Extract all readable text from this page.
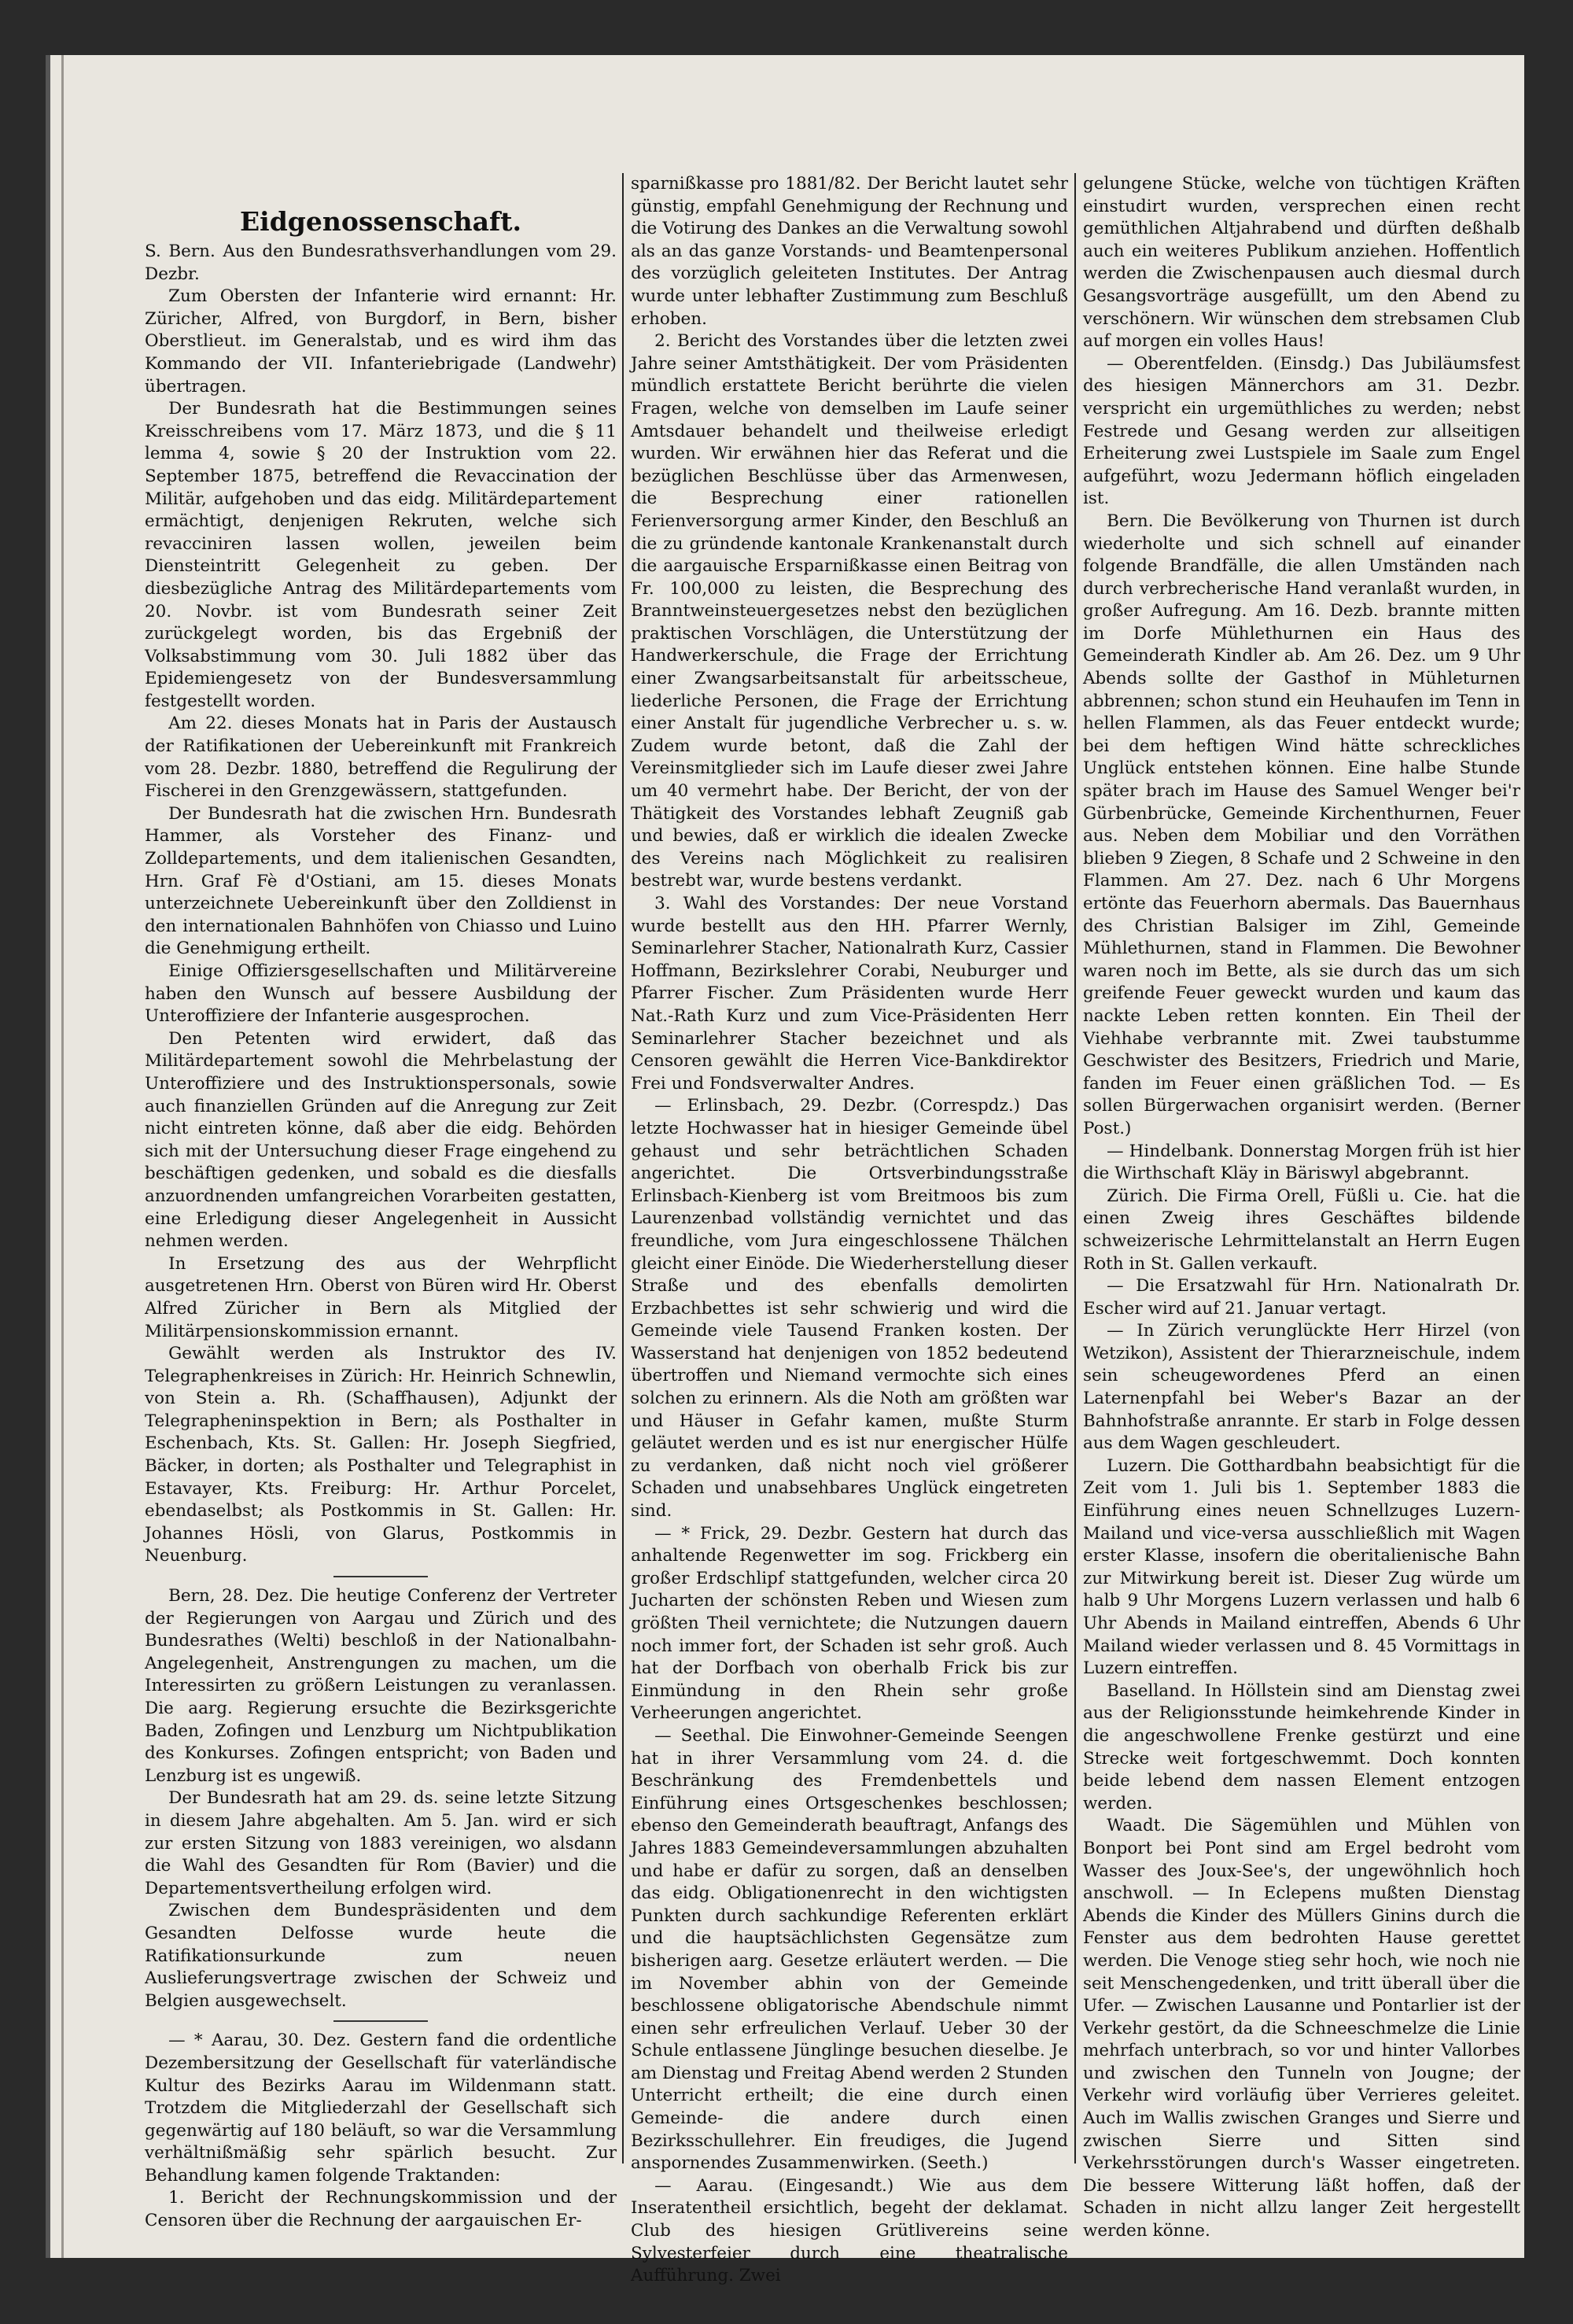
Eidgenossenschaft.

S. Bern. Aus den Bundesrathsverhandlungen vom 29. Dezbr.

Zum Obersten der Infanterie wird ernannt: Hr. Züricher, Alfred, von Burgdorf, in Bern, bisher Oberstlieut. im Generalstab, und es wird ihm das Kommando der VII. Infanteriebrigade (Landwehr) übertragen.

Der Bundesrath hat die Bestimmungen seines Kreisschreibens vom 17. März 1873, und die § 11 lemma 4, sowie § 20 der Instruktion vom 22. September 1875, betreffend die Revaccination der Militär, aufgehoben und das eidg. Militärdepartement ermächtigt, denjenigen Rekruten, welche sich revacciniren lassen wollen, jeweilen beim Diensteintritt Gelegenheit zu geben. Der diesbezügliche Antrag des Militärdepartements vom 20. Novbr. ist vom Bundesrath seiner Zeit zurückgelegt worden, bis das Ergebniß der Volksabstimmung vom 30. Juli 1882 über das Epidemiengesetz von der Bundesversammlung festgestellt worden.

Am 22. dieses Monats hat in Paris der Austausch der Ratifikationen der Uebereinkunft mit Frankreich vom 28. Dezbr. 1880, betreffend die Regulirung der Fischerei in den Grenzgewässern, stattgefunden.

Der Bundesrath hat die zwischen Hrn. Bundesrath Hammer, als Vorsteher des Finanz- und Zolldepartements, und dem italienischen Gesandten, Hrn. Graf Fè d'Ostiani, am 15. dieses Monats unterzeichnete Uebereinkunft über den Zolldienst in den internationalen Bahnhöfen von Chiasso und Luino die Genehmigung ertheilt.

Einige Offiziersgesellschaften und Militärvereine haben den Wunsch auf bessere Ausbildung der Unteroffiziere der Infanterie ausgesprochen.

Den Petenten wird erwidert, daß das Militärdepartement sowohl die Mehrbelastung der Unteroffiziere und des Instruktionspersonals, sowie auch finanziellen Gründen auf die Anregung zur Zeit nicht eintreten könne, daß aber die eidg. Behörden sich mit der Untersuchung dieser Frage eingehend zu beschäftigen gedenken, und sobald es die diesfalls anzuordnenden umfangreichen Vorarbeiten gestatten, eine Erledigung dieser Angelegenheit in Aussicht nehmen werden.

In Ersetzung des aus der Wehrpflicht ausgetretenen Hrn. Oberst von Büren wird Hr. Oberst Alfred Züricher in Bern als Mitglied der Militärpensionskommission ernannt.

Gewählt werden als Instruktor des IV. Telegraphenkreises in Zürich: Hr. Heinrich Schnewlin, von Stein a. Rh. (Schaffhausen), Adjunkt der Telegrapheninspektion in Bern; als Posthalter in Eschenbach, Kts. St. Gallen: Hr. Joseph Siegfried, Bäcker, in dorten; als Posthalter und Telegraphist in Estavayer, Kts. Freiburg: Hr. Arthur Porcelet, ebendaselbst; als Postkommis in St. Gallen: Hr. Johannes Hösli, von Glarus, Postkommis in Neuenburg.

Bern, 28. Dez. Die heutige Conferenz der Vertreter der Regierungen von Aargau und Zürich und des Bundesrathes (Welti) beschloß in der Nationalbahn-Angelegenheit, Anstrengungen zu machen, um die Interessirten zu größern Leistungen zu veranlassen. Die aarg. Regierung ersuchte die Bezirksgerichte Baden, Zofingen und Lenzburg um Nichtpublikation des Konkurses. Zofingen entspricht; von Baden und Lenzburg ist es ungewiß.

Der Bundesrath hat am 29. ds. seine letzte Sitzung in diesem Jahre abgehalten. Am 5. Jan. wird er sich zur ersten Sitzung von 1883 vereinigen, wo alsdann die Wahl des Gesandten für Rom (Bavier) und die Departementsvertheilung erfolgen wird.

Zwischen dem Bundespräsidenten und dem Gesandten Delfosse wurde heute die Ratifikationsurkunde zum neuen Auslieferungsvertrage zwischen der Schweiz und Belgien ausgewechselt.

— * Aarau, 30. Dez. Gestern fand die ordentliche Dezembersitzung der Gesellschaft für vaterländische Kultur des Bezirks Aarau im Wildenmann statt. Trotzdem die Mitgliederzahl der Gesellschaft sich gegenwärtig auf 180 beläuft, so war die Versammlung verhältnißmäßig sehr spärlich besucht. Zur Behandlung kamen folgende Traktanden:

1. Bericht der Rechnungskommission und der Censoren über die Rechnung der aargauischen Er-

sparnißkasse pro 1881/82. Der Bericht lautet sehr günstig, empfahl Genehmigung der Rechnung und die Votirung des Dankes an die Verwaltung sowohl als an das ganze Vorstands- und Beamtenpersonal des vorzüglich geleiteten Institutes. Der Antrag wurde unter lebhafter Zustimmung zum Beschluß erhoben.

2. Bericht des Vorstandes über die letzten zwei Jahre seiner Amtsthätigkeit. Der vom Präsidenten mündlich erstattete Bericht berührte die vielen Fragen, welche von demselben im Laufe seiner Amtsdauer behandelt und theilweise erledigt wurden. Wir erwähnen hier das Referat und die bezüglichen Beschlüsse über das Armenwesen, die Besprechung einer rationellen Ferienversorgung armer Kinder, den Beschluß an die zu gründende kantonale Krankenanstalt durch die aargauische Ersparnißkasse einen Beitrag von Fr. 100,000 zu leisten, die Besprechung des Branntweinsteuergesetzes nebst den bezüglichen praktischen Vorschlägen, die Unterstützung der Handwerkerschule, die Frage der Errichtung einer Zwangsarbeitsanstalt für arbeitsscheue, liederliche Personen, die Frage der Errichtung einer Anstalt für jugendliche Verbrecher u. s. w. Zudem wurde betont, daß die Zahl der Vereinsmitglieder sich im Laufe dieser zwei Jahre um 40 vermehrt habe. Der Bericht, der von der Thätigkeit des Vorstandes lebhaft Zeugniß gab und bewies, daß er wirklich die idealen Zwecke des Vereins nach Möglichkeit zu realisiren bestrebt war, wurde bestens verdankt.

3. Wahl des Vorstandes: Der neue Vorstand wurde bestellt aus den HH. Pfarrer Wernly, Seminarlehrer Stacher, Nationalrath Kurz, Cassier Hoffmann, Bezirkslehrer Corabi, Neuburger und Pfarrer Fischer. Zum Präsidenten wurde Herr Nat.-Rath Kurz und zum Vice-Präsidenten Herr Seminarlehrer Stacher bezeichnet und als Censoren gewählt die Herren Vice-Bankdirektor Frei und Fondsverwalter Andres.

— Erlinsbach, 29. Dezbr. (Correspdz.) Das letzte Hochwasser hat in hiesiger Gemeinde übel gehaust und sehr beträchtlichen Schaden angerichtet. Die Ortsverbindungsstraße Erlinsbach-Kienberg ist vom Breitmoos bis zum Laurenzenbad vollständig vernichtet und das freundliche, vom Jura eingeschlossene Thälchen gleicht einer Einöde. Die Wiederherstellung dieser Straße und des ebenfalls demolirten Erzbachbettes ist sehr schwierig und wird die Gemeinde viele Tausend Franken kosten. Der Wasserstand hat denjenigen von 1852 bedeutend übertroffen und Niemand vermochte sich eines solchen zu erinnern. Als die Noth am größten war und Häuser in Gefahr kamen, mußte Sturm geläutet werden und es ist nur energischer Hülfe zu verdanken, daß nicht noch viel größerer Schaden und unabsehbares Unglück eingetreten sind.

— * Frick, 29. Dezbr. Gestern hat durch das anhaltende Regenwetter im sog. Frickberg ein großer Erdschlipf stattgefunden, welcher circa 20 Jucharten der schönsten Reben und Wiesen zum größten Theil vernichtete; die Nutzungen dauern noch immer fort, der Schaden ist sehr groß. Auch hat der Dorfbach von oberhalb Frick bis zur Einmündung in den Rhein sehr große Verheerungen angerichtet.

— Seethal. Die Einwohner-Gemeinde Seengen hat in ihrer Versammlung vom 24. d. die Beschränkung des Fremdenbettels und Einführung eines Ortsgeschenkes beschlossen; ebenso den Gemeinderath beauftragt, Anfangs des Jahres 1883 Gemeindeversammlungen abzuhalten und habe er dafür zu sorgen, daß an denselben das eidg. Obligationenrecht in den wichtigsten Punkten durch sachkundige Referenten erklärt und die hauptsächlichsten Gegensätze zum bisherigen aarg. Gesetze erläutert werden. — Die im November abhin von der Gemeinde beschlossene obligatorische Abendschule nimmt einen sehr erfreulichen Verlauf. Ueber 30 der Schule entlassene Jünglinge besuchen dieselbe. Je am Dienstag und Freitag Abend werden 2 Stunden Unterricht ertheilt; die eine durch einen Gemeinde- die andere durch einen Bezirksschullehrer. Ein freudiges, die Jugend anspornendes Zusammenwirken. (Seeth.)

— Aarau. (Eingesandt.) Wie aus dem Inseratentheil ersichtlich, begeht der deklamat. Club des hiesigen Grütlivereins seine Sylvesterfeier durch eine theatralische Aufführung. Zwei

gelungene Stücke, welche von tüchtigen Kräften einstudirt wurden, versprechen einen recht gemüthlichen Altjahrabend und dürften deßhalb auch ein weiteres Publikum anziehen. Hoffentlich werden die Zwischenpausen auch diesmal durch Gesangsvorträge ausgefüllt, um den Abend zu verschönern. Wir wünschen dem strebsamen Club auf morgen ein volles Haus!

— Oberentfelden. (Einsdg.) Das Jubiläumsfest des hiesigen Männerchors am 31. Dezbr. verspricht ein urgemüthliches zu werden; nebst Festrede und Gesang werden zur allseitigen Erheiterung zwei Lustspiele im Saale zum Engel aufgeführt, wozu Jedermann höflich eingeladen ist.

Bern. Die Bevölkerung von Thurnen ist durch wiederholte und sich schnell auf einander folgende Brandfälle, die allen Umständen nach durch verbrecherische Hand veranlaßt wurden, in großer Aufregung. Am 16. Dezb. brannte mitten im Dorfe Mühlethurnen ein Haus des Gemeinderath Kindler ab. Am 26. Dez. um 9 Uhr Abends sollte der Gasthof in Mühleturnen abbrennen; schon stund ein Heuhaufen im Tenn in hellen Flammen, als das Feuer entdeckt wurde; bei dem heftigen Wind hätte schreckliches Unglück entstehen können. Eine halbe Stunde später brach im Hause des Samuel Wenger bei'r Gürbenbrücke, Gemeinde Kirchenthurnen, Feuer aus. Neben dem Mobiliar und den Vorräthen blieben 9 Ziegen, 8 Schafe und 2 Schweine in den Flammen. Am 27. Dez. nach 6 Uhr Morgens ertönte das Feuerhorn abermals. Das Bauernhaus des Christian Balsiger im Zihl, Gemeinde Mühlethurnen, stand in Flammen. Die Bewohner waren noch im Bette, als sie durch das um sich greifende Feuer geweckt wurden und kaum das nackte Leben retten konnten. Ein Theil der Viehhabe verbrannte mit. Zwei taubstumme Geschwister des Besitzers, Friedrich und Marie, fanden im Feuer einen gräßlichen Tod. — Es sollen Bürgerwachen organisirt werden. (Berner Post.)

— Hindelbank. Donnerstag Morgen früh ist hier die Wirthschaft Kläy in Bäriswyl abgebrannt.

Zürich. Die Firma Orell, Füßli u. Cie. hat die einen Zweig ihres Geschäftes bildende schweizerische Lehrmittelanstalt an Herrn Eugen Roth in St. Gallen verkauft.

— Die Ersatzwahl für Hrn. Nationalrath Dr. Escher wird auf 21. Januar vertagt.

— In Zürich verunglückte Herr Hirzel (von Wetzikon), Assistent der Thierarzneischule, indem sein scheugewordenes Pferd an einen Laternenpfahl bei Weber's Bazar an der Bahnhofstraße anrannte. Er starb in Folge dessen aus dem Wagen geschleudert.

Luzern. Die Gotthardbahn beabsichtigt für die Zeit vom 1. Juli bis 1. September 1883 die Einführung eines neuen Schnellzuges Luzern-Mailand und vice-versa ausschließlich mit Wagen erster Klasse, insofern die oberitalienische Bahn zur Mitwirkung bereit ist. Dieser Zug würde um halb 9 Uhr Morgens Luzern verlassen und halb 6 Uhr Abends in Mailand eintreffen, Abends 6 Uhr Mailand wieder verlassen und 8. 45 Vormittags in Luzern eintreffen.

Baselland. In Höllstein sind am Dienstag zwei aus der Religionsstunde heimkehrende Kinder in die angeschwollene Frenke gestürzt und eine Strecke weit fortgeschwemmt. Doch konnten beide lebend dem nassen Element entzogen werden.

Waadt. Die Sägemühlen und Mühlen von Bonport bei Pont sind am Ergel bedroht vom Wasser des Joux-See's, der ungewöhnlich hoch anschwoll. — In Eclepens mußten Dienstag Abends die Kinder des Müllers Ginins durch die Fenster aus dem bedrohten Hause gerettet werden. Die Venoge stieg sehr hoch, wie noch nie seit Menschengedenken, und tritt überall über die Ufer. — Zwischen Lausanne und Pontarlier ist der Verkehr gestört, da die Schneeschmelze die Linie mehrfach unterbrach, so vor und hinter Vallorbes und zwischen den Tunneln von Jougne; der Verkehr wird vorläufig über Verrieres geleitet. Auch im Wallis zwischen Granges und Sierre und zwischen Sierre und Sitten sind Verkehrsstörungen durch's Wasser eingetreten. Die bessere Witterung läßt hoffen, daß der Schaden in nicht allzu langer Zeit hergestellt werden könne.
